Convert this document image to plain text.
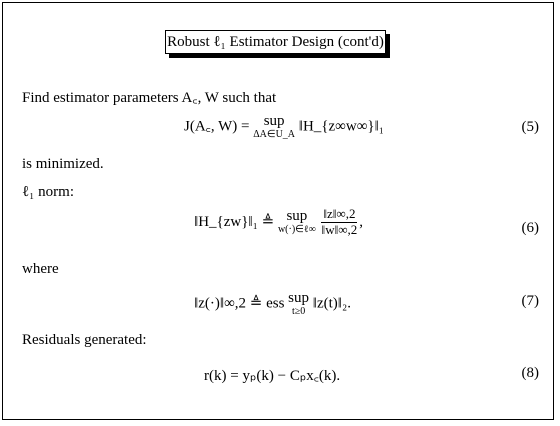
Robust ℓ₁ Estimator Design (cont'd)
Find estimator parameters A꜀, W such that
J(A꜀, W) = sup
ΔA∈U_A ‖H_{z∞w∞}‖₁	(5)
is minimized.
ℓ₁ norm:
‖H_{zw}‖₁ ≜ sup
w(·)∈ℓ∞
$\frac{‖z‖\infty,2}{‖w‖\infty,2}$ ,	(6)
where
‖z(·)‖∞,2 ≜ ess sup
t≥0 ‖z(t)‖₂.	(7)
Residuals generated:
r(k) = yₚ(k) − Cₚx꜀(k).	(8)
